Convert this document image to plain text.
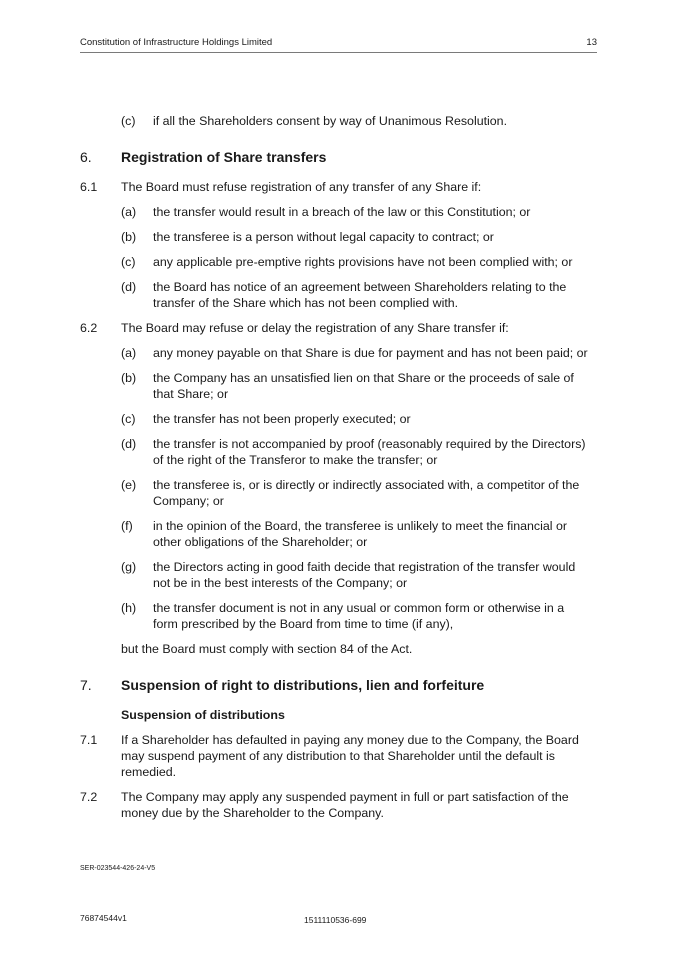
Constitution of Infrastructure Holdings Limited	13
(c) if all the Shareholders consent by way of Unanimous Resolution.
6. Registration of Share transfers
6.1 The Board must refuse registration of any transfer of any Share if:
(a) the transfer would result in a breach of the law or this Constitution; or
(b) the transferee is a person without legal capacity to contract; or
(c) any applicable pre-emptive rights provisions have not been complied with; or
(d) the Board has notice of an agreement between Shareholders relating to the
transfer of the Share which has not been complied with.
6.2 The Board may refuse or delay the registration of any Share transfer if:
(a) any money payable on that Share is due for payment and has not been paid; or
(b) the Company has an unsatisfied lien on that Share or the proceeds of sale of
that Share; or
(c) the transfer has not been properly executed; or
(d) the transfer is not accompanied by proof (reasonably required by the Directors)
of the right of the Transferor to make the transfer; or
(e) the transferee is, or is directly or indirectly associated with, a competitor of the
Company; or
(f) in the opinion of the Board, the transferee is unlikely to meet the financial or
other obligations of the Shareholder; or
(g) the Directors acting in good faith decide that registration of the transfer would
not be in the best interests of the Company; or
(h) the transfer document is not in any usual or common form or otherwise in a
form prescribed by the Board from time to time (if any),
but the Board must comply with section 84 of the Act.
7. Suspension of right to distributions, lien and forfeiture
Suspension of distributions
7.1 If a Shareholder has defaulted in paying any money due to the Company, the Board
may suspend payment of any distribution to that Shareholder until the default is
remedied.
7.2 The Company may apply any suspended payment in full or part satisfaction of the
money due by the Shareholder to the Company.
SER-023544-426-24-V5
76874544v1	1511110536-699
